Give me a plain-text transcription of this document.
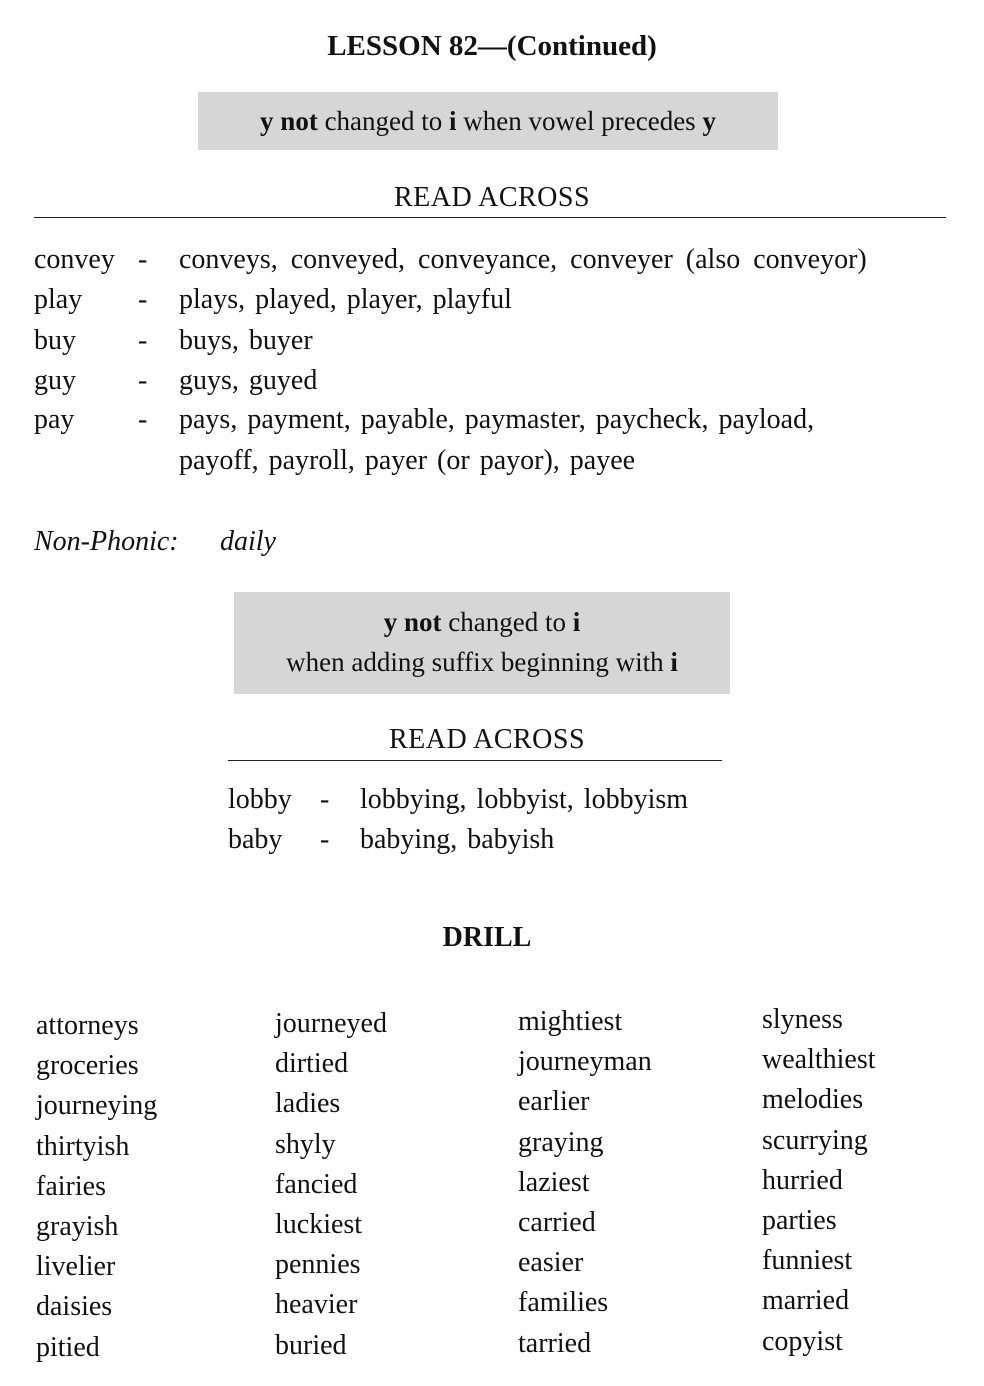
LESSON 82—(Continued)
y not changed to i when vowel precedes y
READ ACROSS
convey - conveys, conveyed, conveyance, conveyer (also conveyor)
play - plays, played, player, playful
buy - buys, buyer
guy - guys, guyed
pay - pays, payment, payable, paymaster, paycheck, payload,
payoff, payroll, payer (or payor), payee
Non-Phonic: daily
y not changed to i
when adding suffix beginning with i
READ ACROSS
lobby - lobbying, lobbyist, lobbyism
baby - babying, babyish
DRILL
attorneys
groceries
journeying
thirtyish
fairies
grayish
livelier
daisies
pitied
journeyed
dirtied
ladies
shyly
fancied
luckiest
pennies
heavier
buried
mightiest
journeyman
earlier
graying
laziest
carried
easier
families
tarried
slyness
wealthiest
melodies
scurrying
hurried
parties
funniest
married
copyist
